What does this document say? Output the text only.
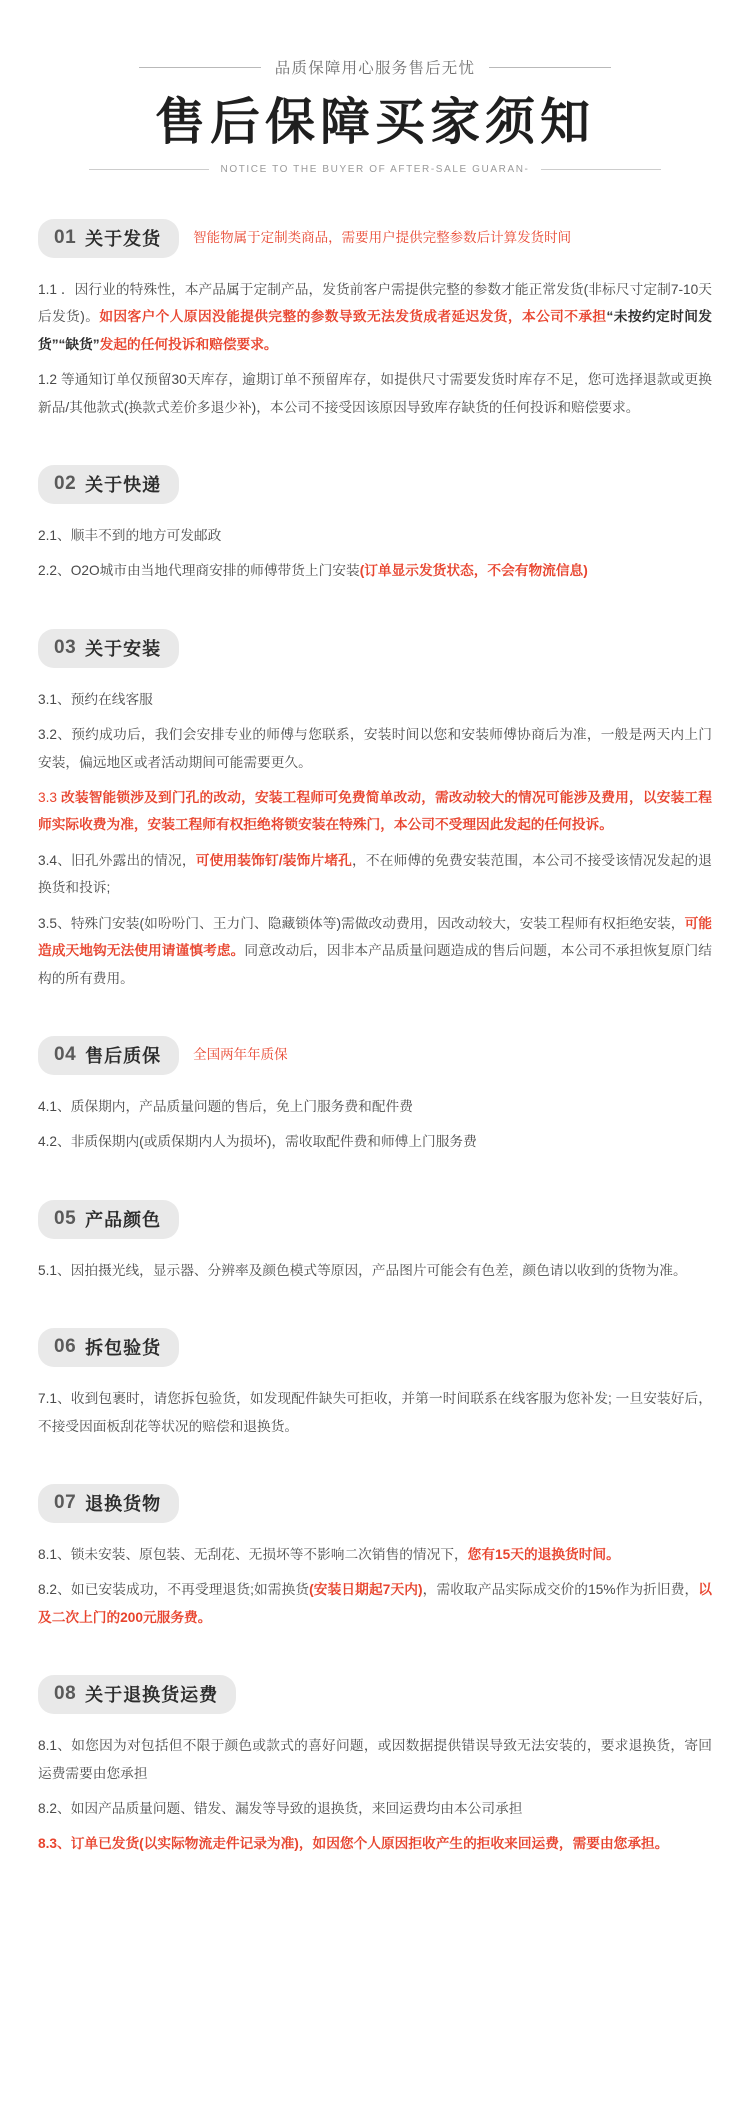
品质保障用心服务售后无忧
售后保障买家须知
NOTICE TO THE BUYER OF AFTER-SALE GUARAN-
01 关于发货 智能物属于定制类商品，需要用户提供完整参数后计算发货时间

1.1 ．因行业的特殊性，本产品属于定制产品，发货前客户需提供完整的参数才能正常发货(非标尺寸定制7-10天后发货)。如因客户个人原因没能提供完整的参数导致无法发货成者延迟发货，本公司不承担“未按约定时间发货”“缺货”发起的任何投诉和赔偿要求。

1.2 等通知订单仅预留30天库存，逾期订单不预留库存，如提供尺寸需要发货时库存不足，您可选择退款或更换新品/其他款式(换款式差价多退少补)，本公司不接受因该原因导致库存缺货的任何投诉和赔偿要求。

02 关于快递

2.1、顺丰不到的地方可发邮政

2.2、O2O城市由当地代理商安排的师傅带货上门安装(订单显示发货状态，不会有物流信息)

03 关于安装

3.1、预约在线客服

3.2、预约成功后，我们会安排专业的师傅与您联系，安装时间以您和安装师傅协商后为准，一般是两天内上门安装，偏远地区或者活动期间可能需要更久。

3.3 改装智能锁涉及到门孔的改动，安装工程师可免费简单改动，需改动较大的情况可能涉及费用，以安装工程师实际收费为准，安装工程师有权拒绝将锁安装在特殊门，本公司不受理因此发起的任何投诉。

3.4、旧孔外露出的情况，可使用装饰钉/装饰片堵孔，不在师傅的免费安装范围，本公司不接受该情况发起的退换货和投诉;

3.5、特殊门安装(如吩吩门、王力门、隐藏锁体等)需做改动费用，因改动较大，安装工程师有权拒绝安装，可能造成天地钩无法使用请谨慎考虑。同意改动后，因非本产品质量问题造成的售后问题，本公司不承担恢复原门结构的所有费用。

04 售后质保 全国两年年质保

4.1、质保期内，产品质量问题的售后，免上门服务费和配件费

4.2、非质保期内(或质保期内人为损坏)，需收取配件费和师傅上门服务费

05 产品颜色

5.1、因拍摄光线，显示器、分辨率及颜色模式等原因，产品图片可能会有色差，颜色请以收到的货物为准。

06 拆包验货

7.1、收到包裹时，请您拆包验货，如发现配件缺失可拒收，并第一时间联系在线客服为您补发; 一旦安装好后，不接受因面板刮花等状况的赔偿和退换货。

07 退换货物

8.1、锁未安装、原包装、无刮花、无损坏等不影响二次销售的情况下，您有15天的退换货时间。

8.2、如已安装成功，不再受理退货;如需换货(安装日期起7天内)，需收取产品实际成交价的15%作为折旧费，以及二次上门的200元服务费。

08 关于退换货运费

8.1、如您因为对包括但不限于颜色或款式的喜好问题，或因数据提供错误导致无法安装的，要求退换货，寄回运费需要由您承担

8.2、如因产品质量问题、错发、漏发等导致的退换货，来回运费均由本公司承担

8.3、订单已发货(以实际物流走件记录为准)，如因您个人原因拒收产生的拒收来回运费，需要由您承担。
